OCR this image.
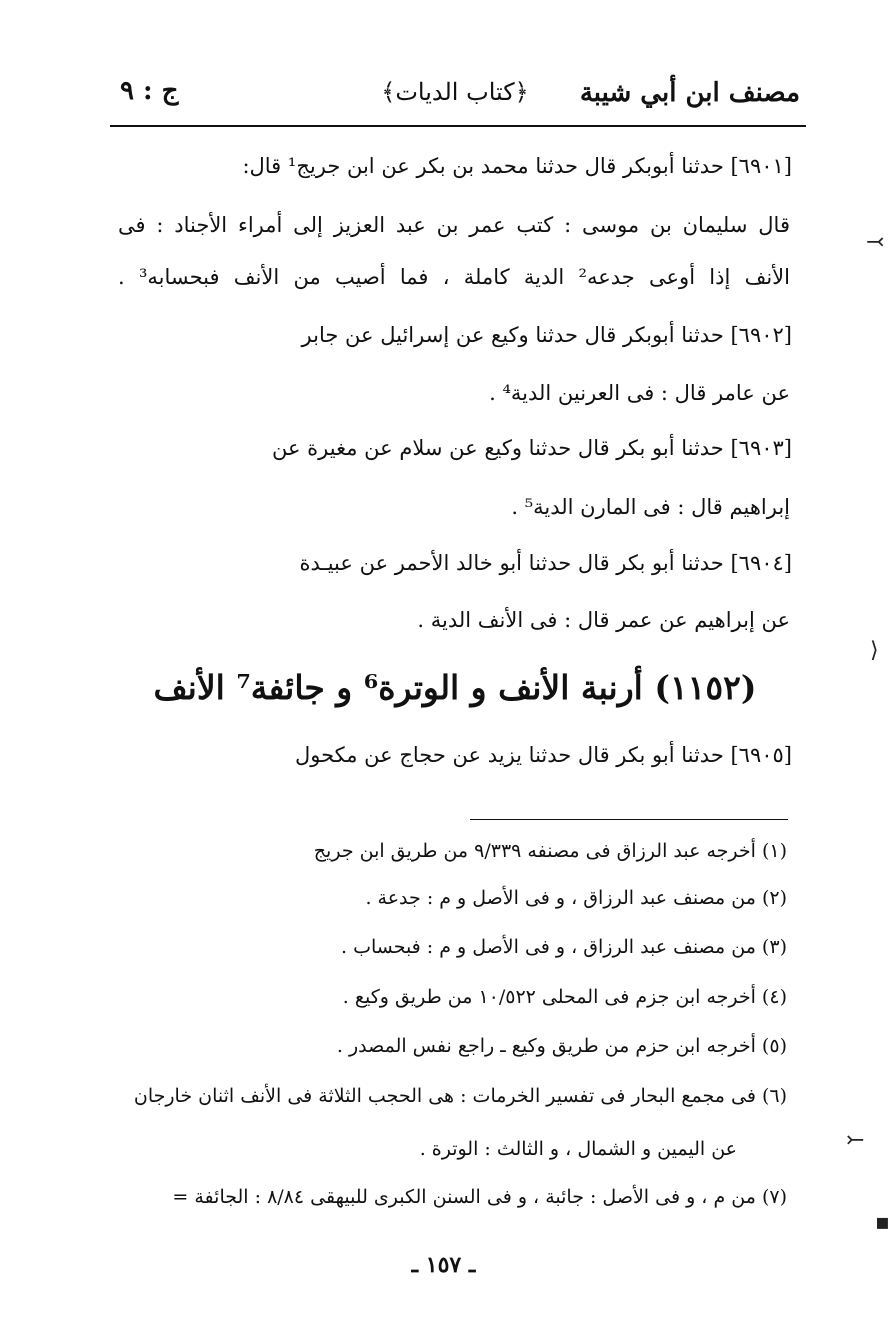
مصنف ابن أبي شيبة
﴿كتاب الديات﴾
ج : ٩
[٦٩٠١] حدثنا أبوبكر قال حدثنا محمد بن بكر عن ابن جريج¹ قال:
قال سليمان بن موسى : كتب عمر بن عبد العزيز إلى أمراء الأجناد : فى
الأنف إذا أوعى جدعه² الدية كاملة ، فما أصيب من الأنف فبحسابه³ .
[٦٩٠٢] حدثنا أبوبكر قال حدثنا وكيع عن إسرائيل عن جابر
عن عامر قال : فى العرنين الدية⁴ .
[٦٩٠٣] حدثنا أبو بكر قال حدثنا وكيع عن سلام عن مغيرة عن
إبراهيم قال : فى المارن الدية⁵ .
[٦٩٠٤] حدثنا أبو بكر قال حدثنا أبو خالد الأحمر عن عبيـدة
عن إبراهيم عن عمر قال : فى الأنف الدية .
(١١٥٢) أرنبة الأنف و الوترة⁶ و جائفة⁷ الأنف
[٦٩٠٥] حدثنا أبو بكر قال حدثنا يزيد عن حجاج عن مكحول
(١) أخرجه عبد الرزاق فى مصنفه ٩/٣٣٩ من طريق ابن جريج
(٢) من مصنف عبد الرزاق ، و فى الأصل و م : جدعة .
(٣) من مصنف عبد الرزاق ، و فى الأصل و م : فبحساب .
(٤) أخرجه ابن جزم فى المحلى ١٠/٥٢٢ من طريق وكيع .
(٥) أخرجه ابن حزم من طريق وكيع ـ راجع نفس المصدر .
(٦) فى مجمع البحار فى تفسير الخرمات : هى الحجب الثلاثة فى الأنف اثنان خارجان
عن اليمين و الشمال ، و الثالث : الوترة .
(٧) من م ، و فى الأصل : جائبة ، و فى السنن الكبرى للبيهقى ٨/٨٤ : الجائفة =
ـ ١٥٧ ـ
⤙
⟩
⤚
▪
